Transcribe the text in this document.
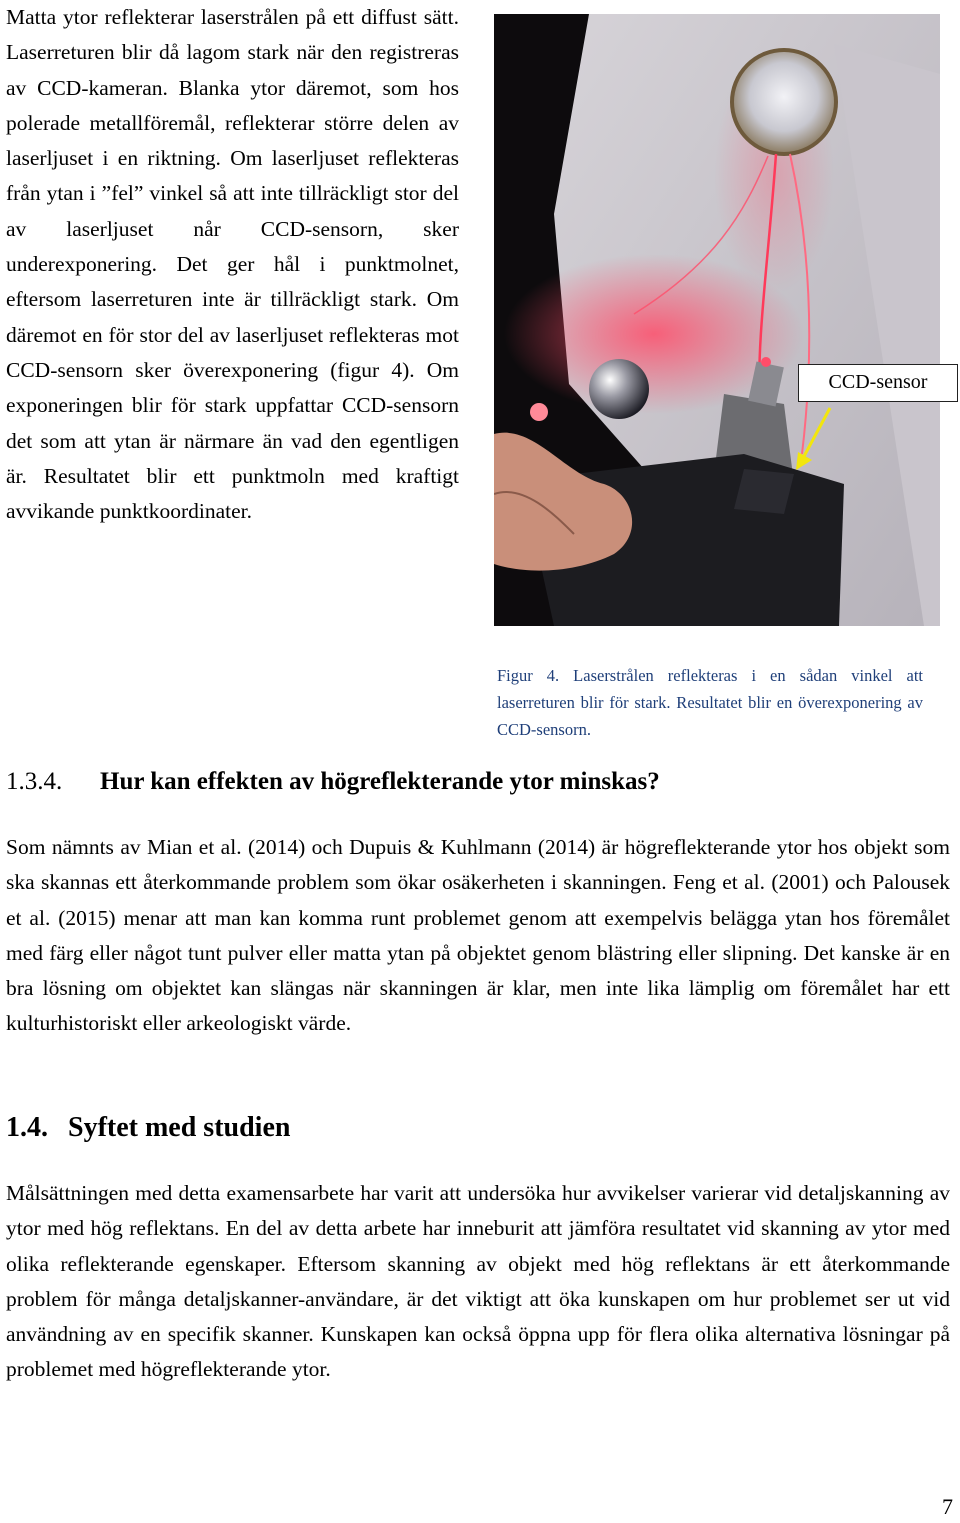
Matta ytor reflekterar laserstrålen på ett diffust sätt. Laserreturen blir då lagom stark när den registreras av CCD-kameran. Blanka ytor däremot, som hos polerade metallföremål, reflekterar större delen av laserljuset i en riktning. Om laserljuset reflekteras från ytan i ”fel” vinkel så att inte tillräckligt stor del av laserljuset når CCD-sensorn, sker underexponering. Det ger hål i punktmolnet, eftersom laserreturen inte är tillräckligt stark. Om däremot en för stor del av laserljuset reflekteras mot CCD-sensorn sker överexponering (figur 4). Om exponeringen blir för stark uppfattar CCD-sensorn det som att ytan är närmare än vad den egentligen är. Resultatet blir ett punktmoln med kraftigt avvikande punktkoordinater.

CCD-sensor

Figur 4. Laserstrålen reflekteras i en sådan vinkel att laserreturen blir för stark. Resultatet blir en överexponering av CCD-sensorn.

1.3.4. Hur kan effekten av högreflekterande ytor minskas?

Som nämnts av Mian et al. (2014) och Dupuis & Kuhlmann (2014) är högreflekterande ytor hos objekt som ska skannas ett återkommande problem som ökar osäkerheten i skanningen. Feng et al. (2001) och Palousek et al. (2015) menar att man kan komma runt problemet genom att exempelvis belägga ytan hos föremålet med färg eller något tunt pulver eller matta ytan på objektet genom blästring eller slipning. Det kanske är en bra lösning om objektet kan slängas när skanningen är klar, men inte lika lämplig om föremålet har ett kulturhistoriskt eller arkeologiskt värde.

1.4. Syftet med studien

Målsättningen med detta examensarbete har varit att undersöka hur avvikelser varierar vid detaljskanning av ytor med hög reflektans. En del av detta arbete har inneburit att jämföra resultatet vid skanning av ytor med olika reflekterande egenskaper. Eftersom skanning av objekt med hög reflektans är ett återkommande problem för många detaljskanner-användare, är det viktigt att öka kunskapen om hur problemet ser ut vid användning av en specifik skanner. Kunskapen kan också öppna upp för flera olika alternativa lösningar på problemet med högreflekterande ytor.

7
